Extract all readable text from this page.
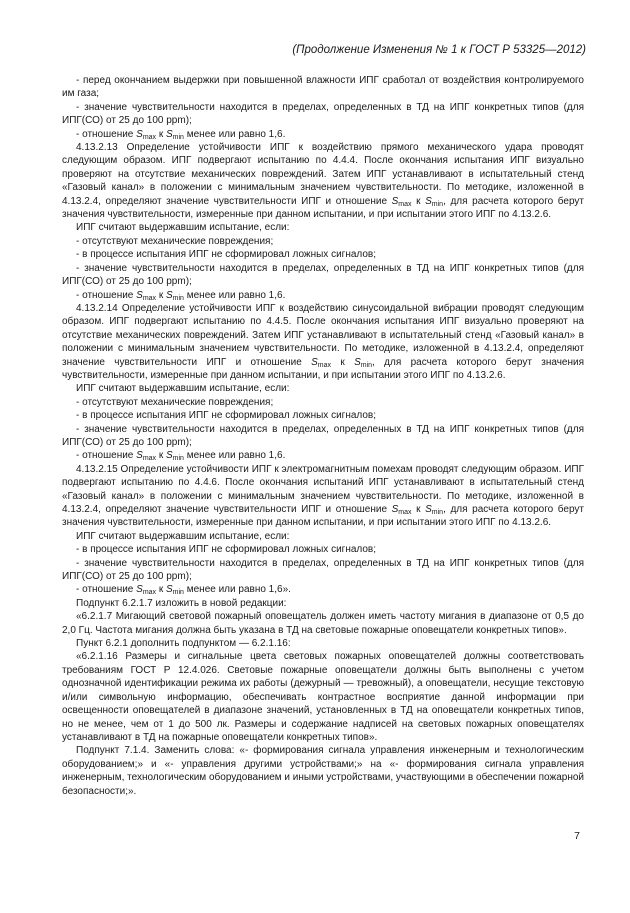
(Продолжение Изменения № 1 к ГОСТ Р 53325—2012)

- перед окончанием выдержки при повышенной влажности ИПГ сработал от воздействия контролируемого им газа;

- значение чувствительности находится в пределах, определенных в ТД на ИПГ конкретных типов (для ИПГ(СО) от 25 до 100 ppm);

- отношение $S_{max}$ к $S_{min}$ менее или равно 1,6.

4.13.2.13 Определение устойчивости ИПГ к воздействию прямого механического удара проводят следующим образом. ИПГ подвергают испытанию по 4.4.4. После окончания испытания ИПГ визуально проверяют на отсутствие механических повреждений. Затем ИПГ устанавливают в испытательный стенд «Газовый канал» в положении с минимальным значением чувствительности. По методике, изложенной в 4.13.2.4, определяют значение чувствительности ИПГ и отношение $S_{max}$ к $S_{min}$, для расчета которого берут значения чувствительности, измеренные при данном испытании, и при испытании этого ИПГ по 4.13.2.6.

ИПГ считают выдержавшим испытание, если:

- отсутствуют механические повреждения;

- в процессе испытания ИПГ не сформировал ложных сигналов;

- значение чувствительности находится в пределах, определенных в ТД на ИПГ конкретных типов (для ИПГ(СО) от 25 до 100 ppm);

- отношение $S_{max}$ к $S_{min}$ менее или равно 1,6.

4.13.2.14 Определение устойчивости ИПГ к воздействию синусоидальной вибрации проводят следующим образом. ИПГ подвергают испытанию по 4.4.5. После окончания испытания ИПГ визуально проверяют на отсутствие механических повреждений. Затем ИПГ устанавливают в испытательный стенд «Газовый канал» в положении с минимальным значением чувствительности. По методике, изложенной в 4.13.2.4, определяют значение чувствительности ИПГ и отношение $S_{max}$ к $S_{min}$, для расчета которого берут значения чувствительности, измеренные при данном испытании, и при испытании этого ИПГ по 4.13.2.6.

ИПГ считают выдержавшим испытание, если:

- отсутствуют механические повреждения;

- в процессе испытания ИПГ не сформировал ложных сигналов;

- значение чувствительности находится в пределах, определенных в ТД на ИПГ конкретных типов (для ИПГ(СО) от 25 до 100 ppm);

- отношение $S_{max}$ к $S_{min}$ менее или равно 1,6.

4.13.2.15 Определение устойчивости ИПГ к электромагнитным помехам проводят следующим образом. ИПГ подвергают испытанию по 4.4.6. После окончания испытаний ИПГ устанавливают в испытательный стенд «Газовый канал» в положении с минимальным значением чувствительности. По методике, изложенной в 4.13.2.4, определяют значение чувствительности ИПГ и отношение $S_{max}$ к $S_{min}$, для расчета которого берут значения чувствительности, измеренные при данном испытании, и при испытании этого ИПГ по 4.13.2.6.

ИПГ считают выдержавшим испытание, если:

- в процессе испытания ИПГ не сформировал ложных сигналов;

- значение чувствительности находится в пределах, определенных в ТД на ИПГ конкретных типов (для ИПГ(СО) от 25 до 100 ppm);

- отношение $S_{max}$ к $S_{min}$ менее или равно 1,6».

Подпункт 6.2.1.7 изложить в новой редакции:

«6.2.1.7 Мигающий световой пожарный оповещатель должен иметь частоту мигания в диапазоне от 0,5 до 2,0 Гц. Частота мигания должна быть указана в ТД на световые пожарные оповещатели конкретных типов».

Пункт 6.2.1 дополнить подпунктом — 6.2.1.16:

«6.2.1.16 Размеры и сигнальные цвета световых пожарных оповещателей должны соответствовать требованиям ГОСТ Р 12.4.026. Световые пожарные оповещатели должны быть выполнены с учетом однозначной идентификации режима их работы (дежурный — тревожный), а оповещатели, несущие текстовую и/или символьную информацию, обеспечивать контрастное восприятие данной информации при освещенности оповещателей в диапазоне значений, установленных в ТД на оповещатели конкретных типов, но не менее, чем от 1 до 500 лк. Размеры и содержание надписей на световых пожарных оповещателях устанавливают в ТД на пожарные оповещатели конкретных типов».

Подпункт 7.1.4. Заменить слова: «- формирования сигнала управления инженерным и технологическим оборудованием;» и «- управления другими устройствами;» на «- формирования сигнала управления инженерным, технологическим оборудованием и иными устройствами, участвующими в обеспечении пожарной безопасности;».

7
